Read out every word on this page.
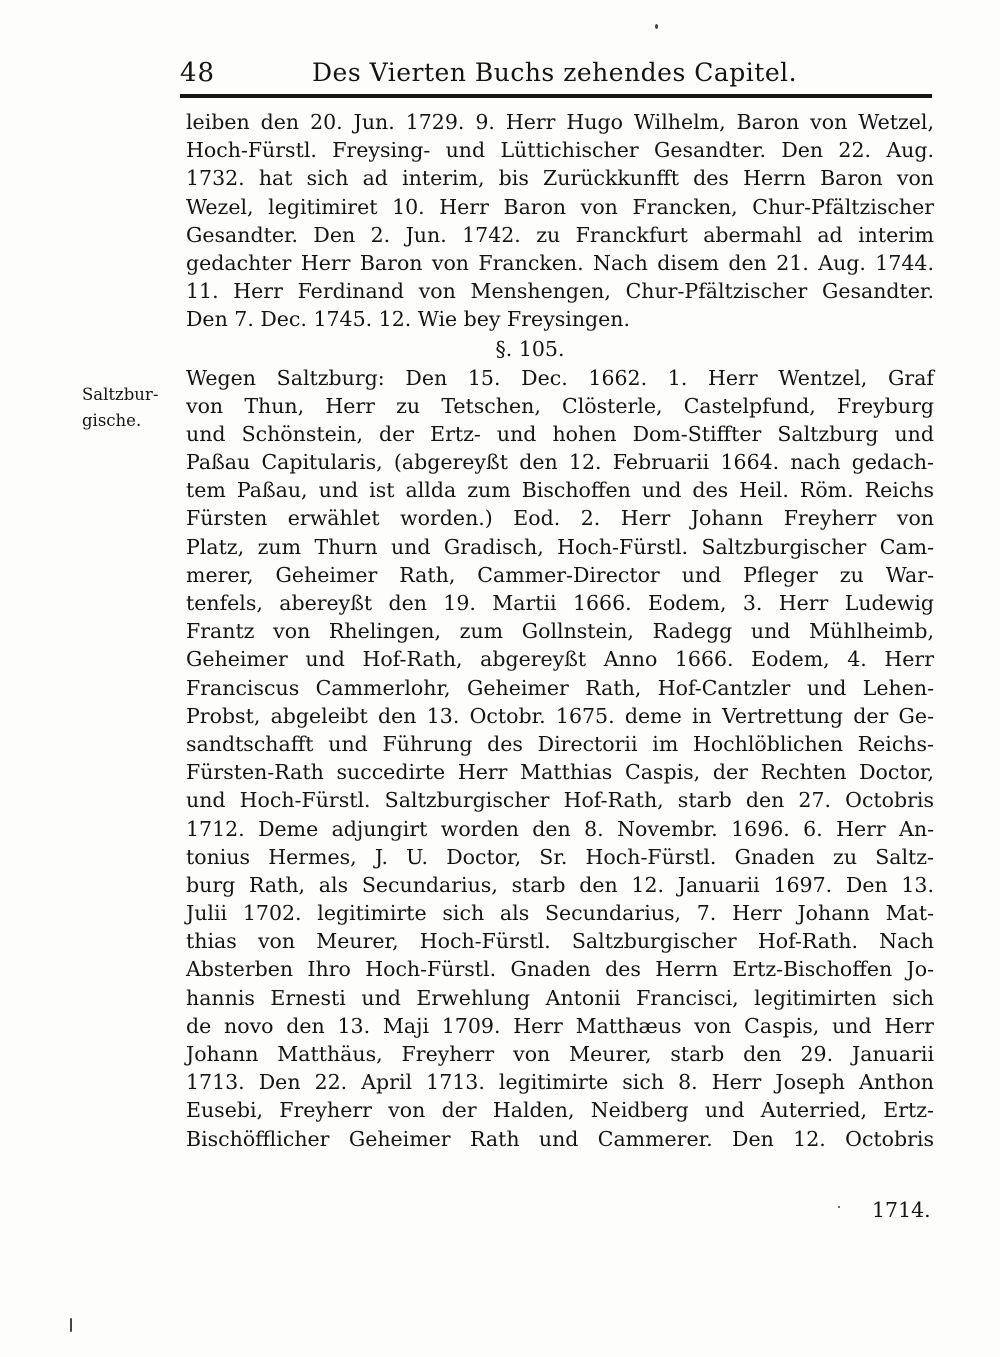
48	Des Vierten Buchs zehendes Capitel.
Saltzbur-
gische.
leiben den 20. Jun. 1729. 9. Herr Hugo Wilhelm, Baron von Wetzel,
Hoch-Fürstl. Freysing- und Lüttichischer Gesandter. Den 22. Aug.
1732. hat sich ad interim, bis Zurückkunfft des Herrn Baron von
Wezel, legitimiret 10. Herr Baron von Francken, Chur-Pfältzischer
Gesandter. Den 2. Jun. 1742. zu Franckfurt abermahl ad interim
gedachter Herr Baron von Francken. Nach disem den 21. Aug. 1744.
11. Herr Ferdinand von Menshengen, Chur-Pfältzischer Gesandter.
Den 7. Dec. 1745. 12. Wie bey Freysingen.
§. 105.
Wegen Saltzburg: Den 15. Dec. 1662. 1. Herr Wentzel, Graf
von Thun, Herr zu Tetschen, Clösterle, Castelpfund, Freyburg
und Schönstein, der Ertz- und hohen Dom-Stiffter Saltzburg und
Paßau Capitularis, (abgereyßt den 12. Februarii 1664. nach gedach-
tem Paßau, und ist allda zum Bischoffen und des Heil. Röm. Reichs
Fürsten erwählet worden.) Eod. 2. Herr Johann Freyherr von
Platz, zum Thurn und Gradisch, Hoch-Fürstl. Saltzburgischer Cam-
merer, Geheimer Rath, Cammer-Director und Pfleger zu War-
tenfels, abereyßt den 19. Martii 1666. Eodem, 3. Herr Ludewig
Frantz von Rhelingen, zum Gollnstein, Radegg und Mühlheimb,
Geheimer und Hof-Rath, abgereyßt Anno 1666. Eodem, 4. Herr
Franciscus Cammerlohr, Geheimer Rath, Hof-Cantzler und Lehen-
Probst, abgeleibt den 13. Octobr. 1675. deme in Vertrettung der Ge-
sandtschafft und Führung des Directorii im Hochlöblichen Reichs-
Fürsten-Rath succedirte Herr Matthias Caspis, der Rechten Doctor,
und Hoch-Fürstl. Saltzburgischer Hof-Rath, starb den 27. Octobris
1712. Deme adjungirt worden den 8. Novembr. 1696. 6. Herr An-
tonius Hermes, J. U. Doctor, Sr. Hoch-Fürstl. Gnaden zu Saltz-
burg Rath, als Secundarius, starb den 12. Januarii 1697. Den 13.
Julii 1702. legitimirte sich als Secundarius, 7. Herr Johann Mat-
thias von Meurer, Hoch-Fürstl. Saltzburgischer Hof-Rath. Nach
Absterben Ihro Hoch-Fürstl. Gnaden des Herrn Ertz-Bischoffen Jo-
hannis Ernesti und Erwehlung Antonii Francisci, legitimirten sich
de novo den 13. Maji 1709. Herr Matthæus von Caspis, und Herr
Johann Matthäus, Freyherr von Meurer, starb den 29. Januarii
1713. Den 22. April 1713. legitimirte sich 8. Herr Joseph Anthon
Eusebi, Freyherr von der Halden, Neidberg und Auterried, Ertz-
Bischöfflicher Geheimer Rath und Cammerer. Den 12. Octobris
1714.
